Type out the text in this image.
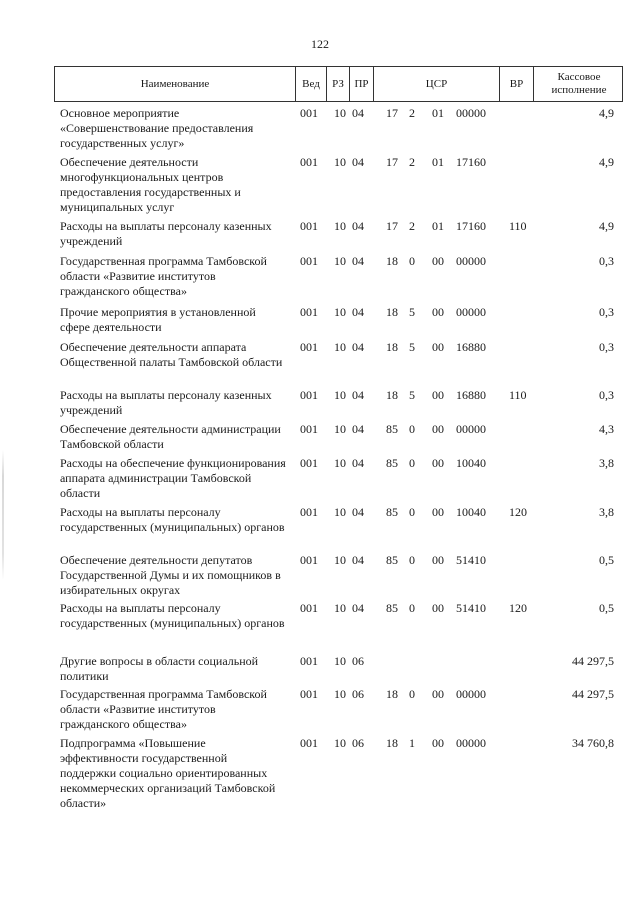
122
Наименование	Вед	РЗ ПР	ЦСР	ВР
Кассовое исполнение
Основное мероприятие «Совершенствование предоставления государственных услуг»
001 10 04 17 2 01 00000	4,9
Обеспечение деятельности многофункциональных центров предоставления государственных и муниципальных услуг
001 10 04 17 2 01 17160	4,9
Расходы на выплаты персоналу казенных учреждений
001 10 04 17 2 01 17160 110	4,9
Государственная программа Тамбовской области «Развитие институтов гражданского общества»
001 10 04 18 0 00 00000	0,3
Прочие мероприятия в установленной сфере деятельности
001 10 04 18 5 00 00000	0,3
Обеспечение деятельности аппарата Общественной палаты Тамбовской области
001 10 04 18 5 00 16880	0,3
Расходы на выплаты персоналу казенных учреждений
001 10 04 18 5 00 16880 110	0,3
Обеспечение деятельности администрации Тамбовской области
001 10 04 85 0 00 00000	4,3
Расходы на обеспечение функционирования аппарата администрации Тамбовской области
001 10 04 85 0 00 10040	3,8
Расходы на выплаты персоналу государственных (муниципальных) органов
001 10 04 85 0 00 10040 120	3,8
Обеспечение деятельности депутатов Государственной Думы и их помощников в избирательных округах
001 10 04 85 0 00 51410	0,5
Расходы на выплаты персоналу государственных (муниципальных) органов
001 10 04 85 0 00 51410 120	0,5
Другие вопросы в области социальной политики
001 10 06	44 297,5
Государственная программа Тамбовской области «Развитие институтов гражданского общества»
001 10 06 18 0 00 00000	44 297,5
Подпрограмма «Повышение эффективности государственной поддержки социально ориентированных некоммерческих организаций Тамбовской области»
001 10 06 18 1 00 00000	34 760,8
